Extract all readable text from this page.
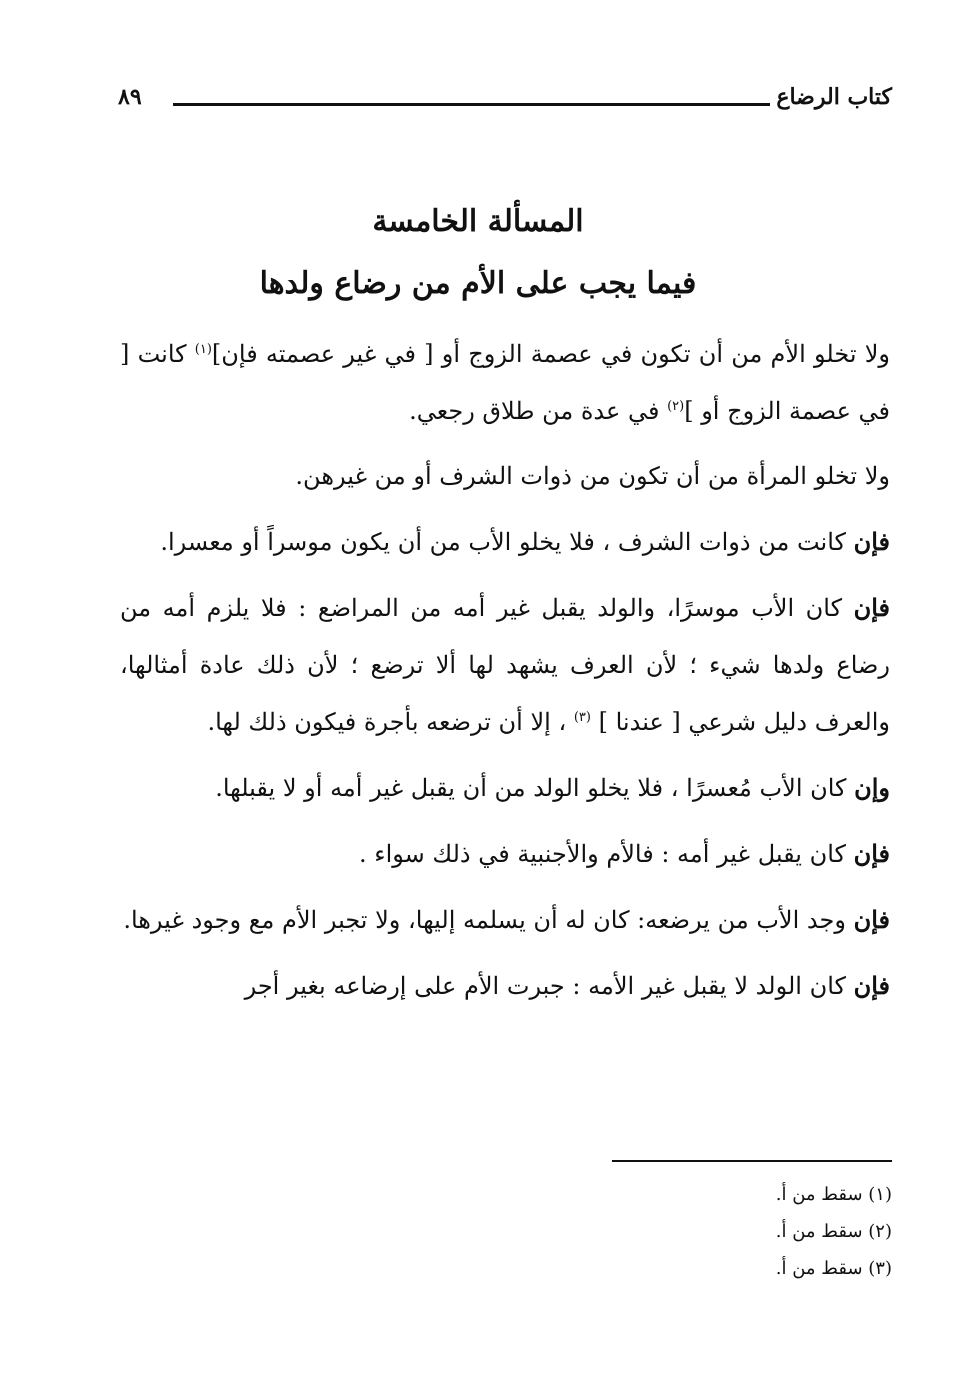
كتاب الرضاع
٨٩
المسألة الخامسة
فيما يجب على الأم من رضاع ولدها

ولا تخلو الأم من أن تكون في عصمة الزوج أو [ في غير عصمته فإن]$^{(١)}$ كانت [ في عصمة الزوج أو ]$^{(٢)}$ في عدة من طلاق رجعي.

ولا تخلو المرأة من أن تكون من ذوات الشرف أو من غيرهن.

فإن كانت من ذوات الشرف ، فلا يخلو الأب من أن يكون موسراً أو معسرا.

فإن كان الأب موسرًا، والولد يقبل غير أمه من المراضع : فلا يلزم أمه من رضاع ولدها شيء ؛ لأن العرف يشهد لها ألا ترضع ؛ لأن ذلك عادة أمثالها، والعرف دليل شرعي [ عندنا ] $^{(٣)}$ ، إلا أن ترضعه بأجرة فيكون ذلك لها.

وإن كان الأب مُعسرًا ، فلا يخلو الولد من أن يقبل غير أمه أو لا يقبلها.

فإن كان يقبل غير أمه : فالأم والأجنبية في ذلك سواء .

فإن وجد الأب من يرضعه: كان له أن يسلمه إليها، ولا تجبر الأم مع وجود غيرها.

فإن كان الولد لا يقبل غير الأمه : جبرت الأم على إرضاعه بغير أجر

(١) سقط من أ.
(٢) سقط من أ.
(٣) سقط من أ.
